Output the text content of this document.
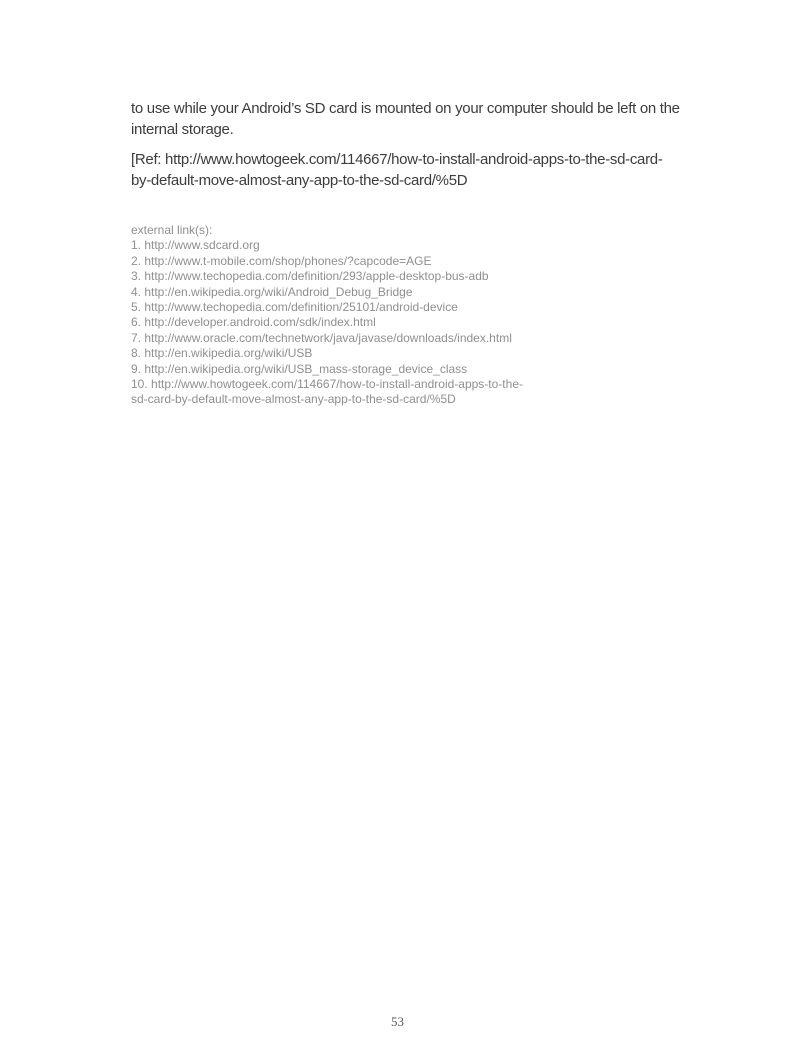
to use while your Android’s SD card is mounted on your computer should be left on the
internal storage.

[Ref: http://www.howtogeek.com/114667/how-to-install-android-apps-to-the-sd-card-
by-default-move-almost-any-app-to-the-sd-card/%5D

external link(s):
1. http://www.sdcard.org
2. http://www.t-mobile.com/shop/phones/?capcode=AGE
3. http://www.techopedia.com/definition/293/apple-desktop-bus-adb
4. http://en.wikipedia.org/wiki/Android_Debug_Bridge
5. http://www.techopedia.com/definition/25101/android-device
6. http://developer.android.com/sdk/index.html
7. http://www.oracle.com/technetwork/java/javase/downloads/index.html
8. http://en.wikipedia.org/wiki/USB
9. http://en.wikipedia.org/wiki/USB_mass-storage_device_class
10. http://www.howtogeek.com/114667/how-to-install-android-apps-to-the-
sd-card-by-default-move-almost-any-app-to-the-sd-card/%5D
53
